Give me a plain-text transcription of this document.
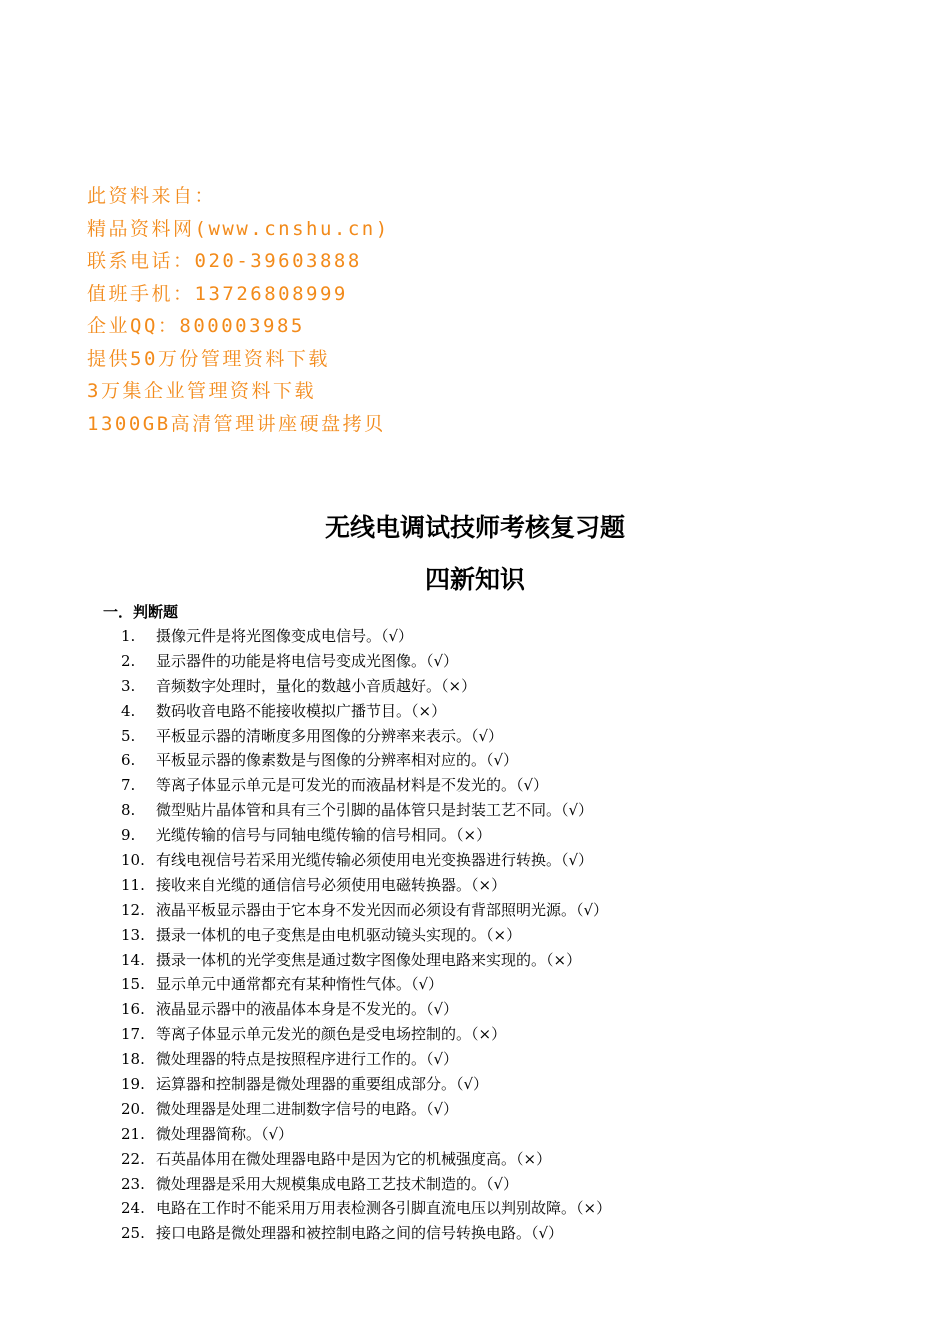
此资料来自：
精品资料网(www.cnshu.cn)
联系电话：020-39603888
值班手机：13726808999
企业QQ：800003985
提供50万份管理资料下载
3万集企业管理资料下载
1300GB高清管理讲座硬盘拷贝
无线电调试技师考核复习题
四新知识
一．判断题
1. 摄像元件是将光图像变成电信号。（√）
2. 显示器件的功能是将电信号变成光图像。（√）
3. 音频数字处理时，量化的数越小音质越好。（×）
4. 数码收音电路不能接收模拟广播节目。（×）
5. 平板显示器的清晰度多用图像的分辨率来表示。（√）
6. 平板显示器的像素数是与图像的分辨率相对应的。（√）
7. 等离子体显示单元是可发光的而液晶材料是不发光的。（√）
8. 微型贴片晶体管和具有三个引脚的晶体管只是封装工艺不同。（√）
9. 光缆传输的信号与同轴电缆传输的信号相同。（×）
10. 有线电视信号若采用光缆传输必须使用电光变换器进行转换。（√）
11. 接收来自光缆的通信信号必须使用电磁转换器。（×）
12. 液晶平板显示器由于它本身不发光因而必须设有背部照明光源。（√）
13. 摄录一体机的电子变焦是由电机驱动镜头实现的。（×）
14. 摄录一体机的光学变焦是通过数字图像处理电路来实现的。（×）
15. 显示单元中通常都充有某种惰性气体。（√）
16. 液晶显示器中的液晶体本身是不发光的。（√）
17. 等离子体显示单元发光的颜色是受电场控制的。（×）
18. 微处理器的特点是按照程序进行工作的。（√）
19. 运算器和控制器是微处理器的重要组成部分。（√）
20. 微处理器是处理二进制数字信号的电路。（√）
21. 微处理器简称。（√）
22. 石英晶体用在微处理器电路中是因为它的机械强度高。（×）
23. 微处理器是采用大规模集成电路工艺技术制造的。（√）
24. 电路在工作时不能采用万用表检测各引脚直流电压以判别故障。（×）
25. 接口电路是微处理器和被控制电路之间的信号转换电路。（√）
